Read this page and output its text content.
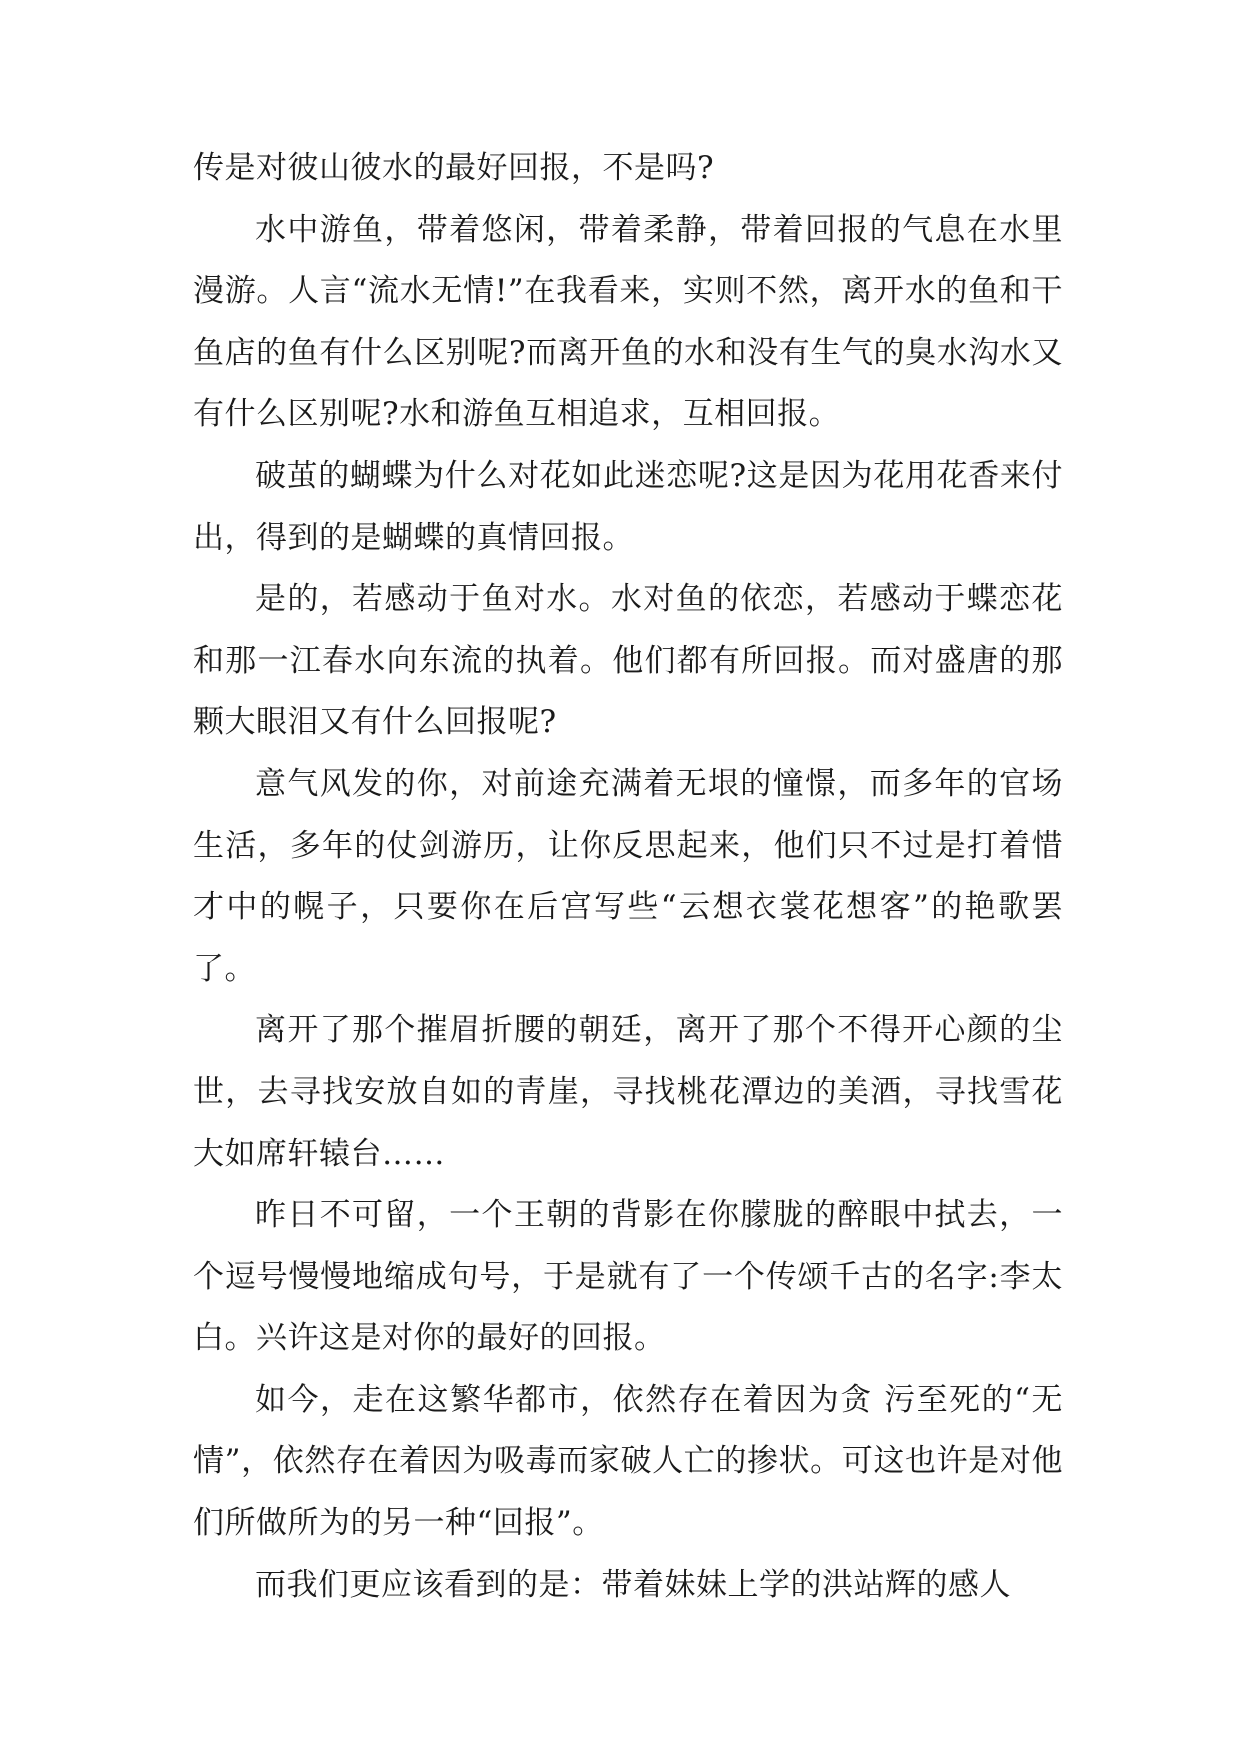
传是对彼山彼水的最好回报，不是吗?

水中游鱼，带着悠闲，带着柔静，带着回报的气息在水里漫游。人言“流水无情!”在我看来，实则不然，离开水的鱼和干鱼店的鱼有什么区别呢?而离开鱼的水和没有生气的臭水沟水又有什么区别呢?水和游鱼互相追求，互相回报。

破茧的蝴蝶为什么对花如此迷恋呢?这是因为花用花香来付出，得到的是蝴蝶的真情回报。

是的，若感动于鱼对水。水对鱼的依恋，若感动于蝶恋花和那一江春水向东流的执着。他们都有所回报。而对盛唐的那颗大眼泪又有什么回报呢?

意气风发的你，对前途充满着无垠的憧憬，而多年的官场生活，多年的仗剑游历，让你反思起来，他们只不过是打着惜才中的幌子，只要你在后宫写些“云想衣裳花想客”的艳歌罢了。

离开了那个摧眉折腰的朝廷，离开了那个不得开心颜的尘世，去寻找安放自如的青崖，寻找桃花潭边的美酒，寻找雪花大如席轩辕台……

昨日不可留，一个王朝的背影在你朦胧的醉眼中拭去，一个逗号慢慢地缩成句号，于是就有了一个传颂千古的名字:李太白。兴许这是对你的最好的回报。

如今，走在这繁华都市，依然存在着因为贪 污至死的“无情”，依然存在着因为吸毒而家破人亡的掺状。可这也许是对他们所做所为的另一种“回报”。

而我们更应该看到的是：带着妹妹上学的洪站辉的感人
